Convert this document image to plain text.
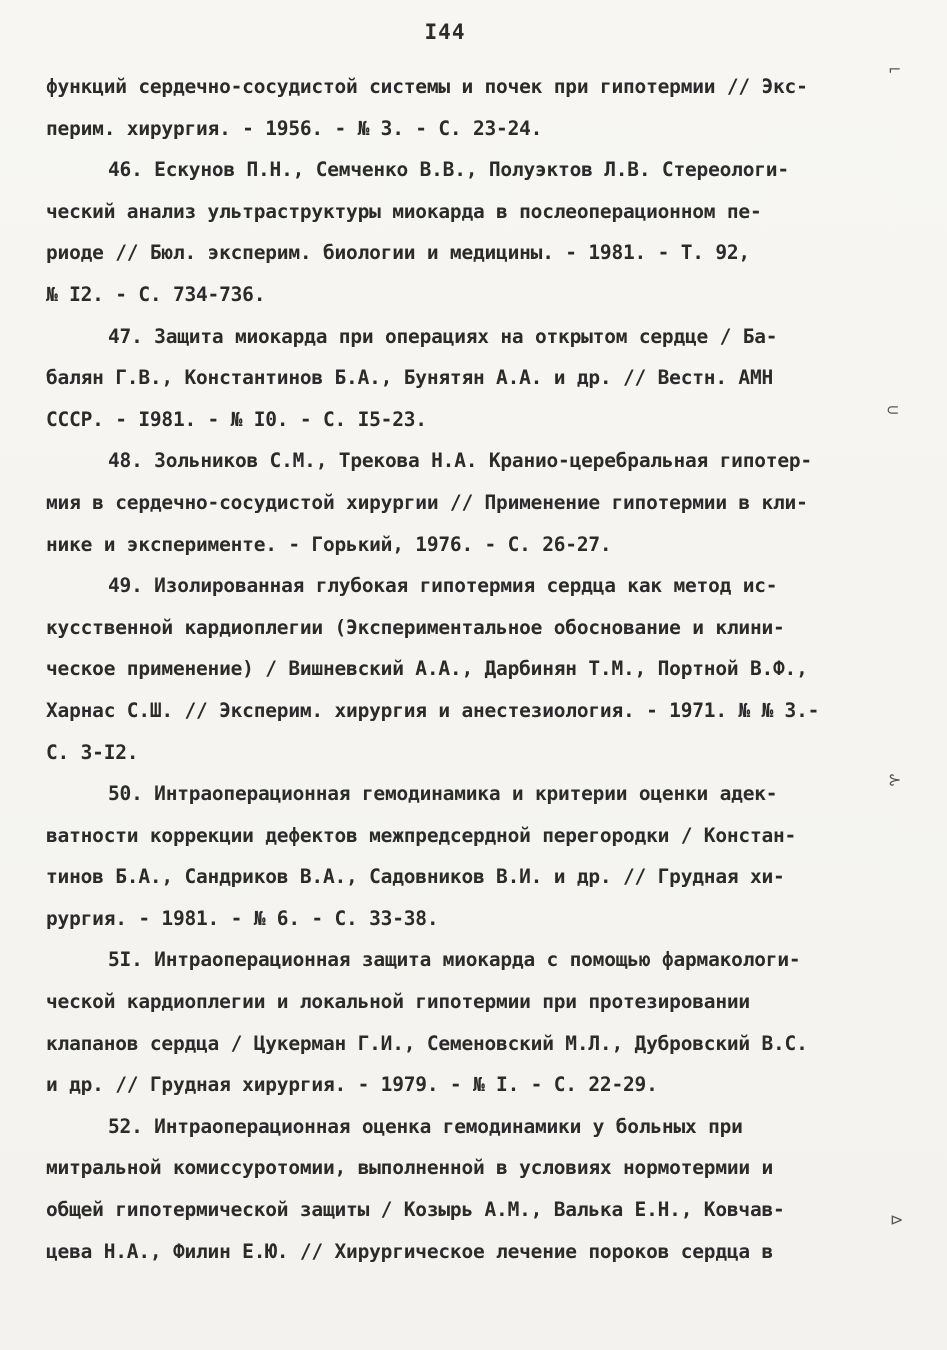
I44
функций сердечно-сосудистой системы и почек при гипотермии // Экс-
перим. хирургия. - 1956. - № 3. - С. 23-24.
46. Ескунов П.Н., Семченко В.В., Полуэктов Л.В. Стереологи-
ческий анализ ультраструктуры миокарда в послеоперационном пе-
риоде // Бюл. эксперим. биологии и медицины. - 1981. - Т. 92,
№ I2. - С. 734-736.
47. Защита миокарда при операциях на открытом сердце / Ба-
балян Г.В., Константинов Б.А., Бунятян А.А. и др. // Вестн. АМН
СССР. - I981. - № I0. - С. I5-23.
48. Зольников С.М., Трекова Н.А. Кранио-церебральная гипотер-
мия в сердечно-сосудистой хирургии // Применение гипотермии в кли-
нике и эксперименте. - Горький, 1976. - С. 26-27.
49. Изолированная глубокая гипотермия сердца как метод ис-
кусственной кардиоплегии (Экспериментальное обоснование и клини-
ческое применение) / Вишневский А.А., Дарбинян Т.М., Портной В.Ф.,
Харнас С.Ш. // Эксперим. хирургия и анестезиология. - 1971. № № 3.-
С. 3-I2.
50. Интраоперационная гемодинамика и критерии оценки адек-
ватности коррекции дефектов межпредсердной перегородки / Констан-
тинов Б.А., Сандриков В.А., Садовников В.И. и др. // Грудная хи-
рургия. - 1981. - № 6. - С. 33-38.
5I. Интраоперационная защита миокарда с помощью фармакологи-
ческой кардиоплегии и локальной гипотермии при протезировании
клапанов сердца / Цукерман Г.И., Семеновский М.Л., Дубровский В.С.
и др. // Грудная хирургия. - 1979. - № I. - С. 22-29.
52. Интраоперационная оценка гемодинамики у больных при
митральной комиссуротомии, выполненной в условиях нормотермии и
общей гипотермической защиты / Козырь А.М., Валька Е.Н., Ковчав-
цева Н.А., Филин Е.Ю. // Хирургическое лечение пороков сердца в
⌐
⊂
⊱
⊳
